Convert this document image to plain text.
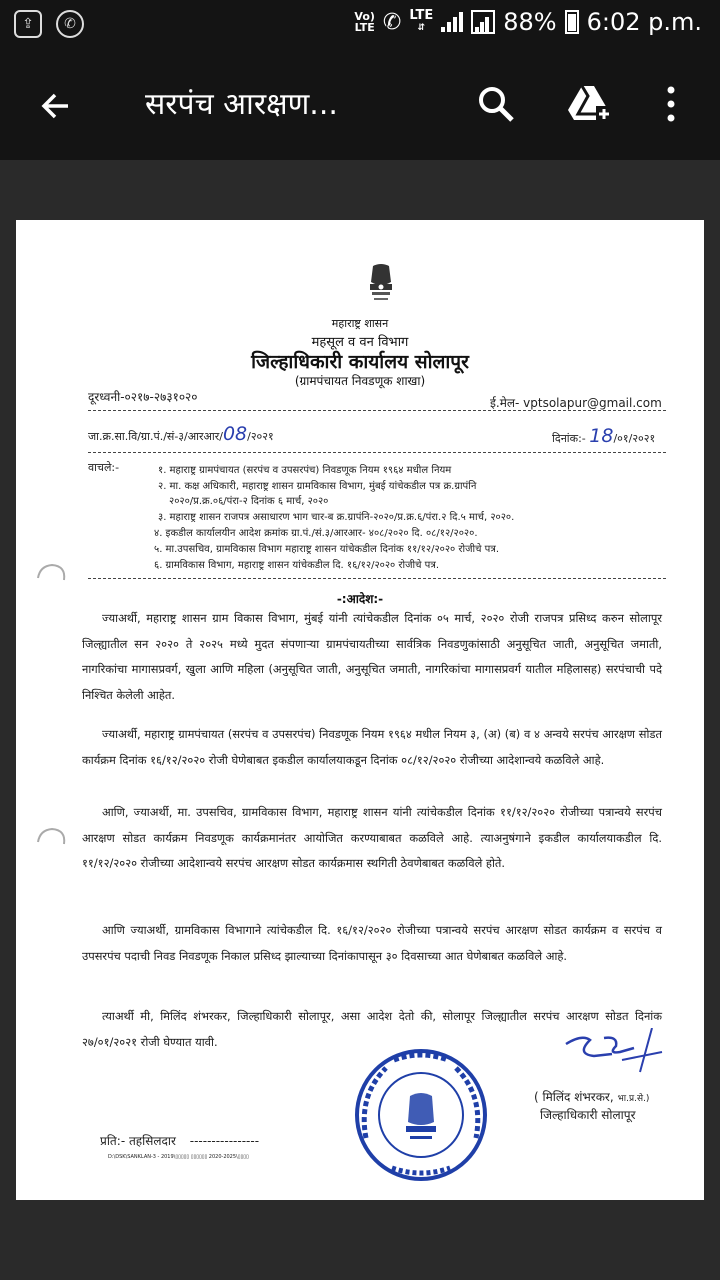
⇪	✆	Vo)
LTE ✆ LTE
⇵	88% 6:02 p.m.
सरपंच आरक्षण...
महाराष्ट्र शासन
महसूल व वन विभाग
जिल्हाधिकारी कार्यालय सोलापूर
(ग्रामपंचायत निवडणूक शाखा)
दूरध्वनी-०२१७-२७३१०२०	ई.मेल- vptsolapur@gmail.com
जा.क्र.सा.वि/ग्रा.पं./सं-३/आरआर/08/२०२१	दिनांक:- 18/०१/२०२१
वाचले:-	१. महाराष्ट्र ग्रामपंचायत (सरपंच व उपसरपंच) निवडणूक नियम १९६४ मधील नियम
२. मा. कक्ष अधिकारी, महाराष्ट्र शासन ग्रामविकास विभाग, मुंबई यांचेकडील पत्र क्र.ग्रापंनि
२०२०/प्र.क्र.०६/पंरा-२ दिनांक ६ मार्च, २०२०
३. महाराष्ट्र शासन राजपत्र असाधारण भाग चार-ब क्र.ग्रापंनि-२०२०/प्र.क्र.६/पंरा.२ दि.५ मार्च, २०२०.
४. इकडील कार्यालयीन आदेश क्रमांक ग्रा.पं./सं.३/आरआर- ४०८/२०२० दि. ०८/१२/२०२०.
५. मा.उपसचिव, ग्रामविकास विभाग महाराष्ट्र शासन यांचेकडील दिनांक ११/१२/२०२० रोजीचे पत्र.
६. ग्रामविकास विभाग, महाराष्ट्र शासन यांचेकडील दि. १६/१२/२०२० रोजीचे पत्र.
-:आदेश:-
ज्याअर्थी, महाराष्ट्र शासन ग्राम विकास विभाग, मुंबई यांनी त्यांचेकडील दिनांक ०५ मार्च, २०२० रोजी राजपत्र प्रसिध्द करुन सोलापूर जिल्ह्यातील सन २०२० ते २०२५ मध्ये मुदत संपणाऱ्या ग्रामपंचायतीच्या सार्वत्रिक निवडणुकांसाठी अनुसूचित जाती, अनुसूचित जमाती, नागरिकांचा मागासप्रवर्ग, खुला आणि महिला (अनुसूचित जाती, अनुसूचित जमाती, नागरिकांचा मागासप्रवर्ग यातील महिलासह) सरपंचाची पदे निश्चित केलेली आहेत.
ज्याअर्थी, महाराष्ट्र ग्रामपंचायत (सरपंच व उपसरपंच) निवडणूक नियम १९६४ मधील नियम ३, (अ) (ब) व ४ अन्वये सरपंच आरक्षण सोडत कार्यक्रम दिनांक १६/१२/२०२० रोजी घेणेबाबत इकडील कार्यालयाकडून दिनांक ०८/१२/२०२० रोजीच्या आदेशान्वये कळविले आहे.
आणि, ज्याअर्थी, मा. उपसचिव, ग्रामविकास विभाग, महाराष्ट्र शासन यांनी त्यांचेकडील दिनांक ११/१२/२०२० रोजीच्या पत्रान्वये सरपंच आरक्षण सोडत कार्यक्रम निवडणूक कार्यक्रमानंतर आयोजित करण्याबाबत कळविले आहे. त्याअनुषंगाने इकडील कार्यालयाकडील दि. ११/१२/२०२० रोजीच्या आदेशान्वये सरपंच आरक्षण सोडत कार्यक्रमास स्थगिती ठेवणेबाबत कळविले होते.
आणि ज्याअर्थी, ग्रामविकास विभागाने त्यांचेकडील दि. १६/१२/२०२० रोजीच्या पत्रान्वये सरपंच आरक्षण सोडत कार्यक्रम व सरपंच व उपसरपंच पदाची निवड निवडणूक निकाल प्रसिध्द झाल्याच्या दिनांकापासून ३० दिवसाच्या आत घेणेबाबत कळविले आहे.
त्याअर्थी मी, मिलिंद शंभरकर, जिल्हाधिकारी सोलापूर, असा आदेश देतो की, सोलापूर जिल्ह्यातील सरपंच आरक्षण सोडत दिनांक २७/०१/२०२१ रोजी घेण्यात यावी.
( मिलिंद शंभरकर, भा.प्र.से.)
जिल्हाधिकारी सोलापूर
प्रति:- तहसिलदार ----------------
D:\DSK\SANKLAN-3 - 2019\▯▯▯▯▯ ▯▯▯▯▯▯ 2020-2025\▯▯▯▯
